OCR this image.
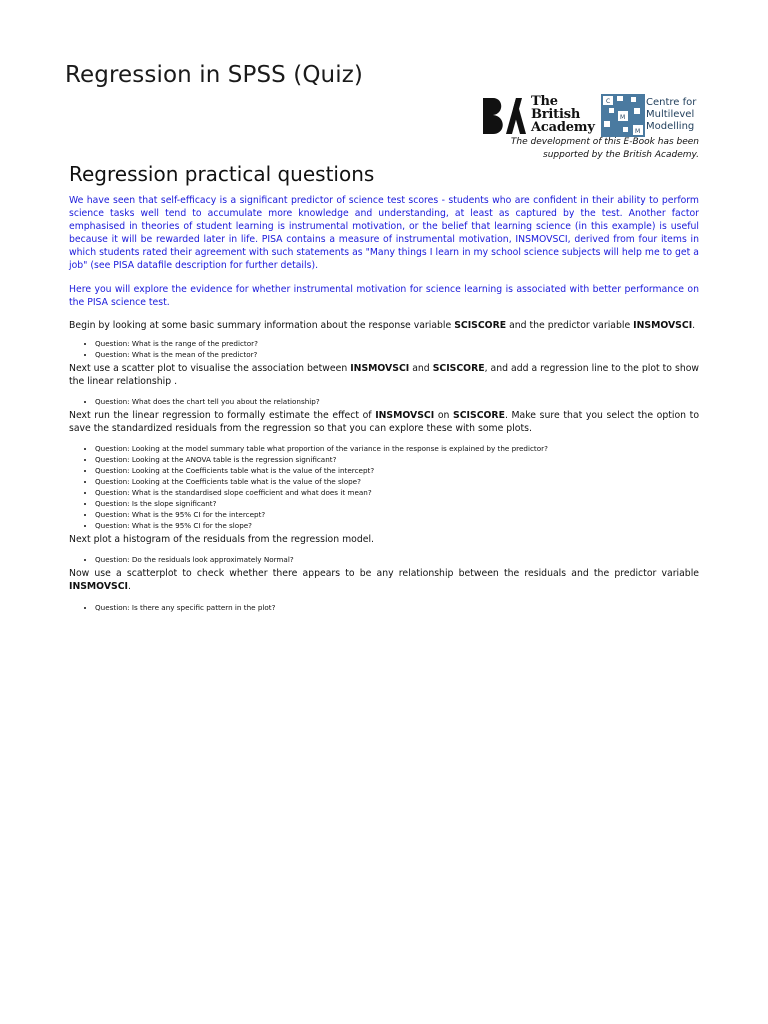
Regression in SPSS (Quiz)
The
British
Academy
C
M
M
Centre for
Multilevel
Modelling
The development of this E-Book has been
supported by the British Academy.
Regression practical questions

We have seen that self-efficacy is a significant predictor of science test scores - students who are confident in their ability to perform science tasks well tend to accumulate more knowledge and understanding, at least as captured by the test. Another factor emphasised in theories of student learning is instrumental motivation, or the belief that learning science (in this example) is useful because it will be rewarded later in life. PISA contains a measure of instrumental motivation, INSMOVSCI, derived from four items in which students rated their agreement with such statements as "Many things I learn in my school science subjects will help me to get a job" (see PISA datafile description for further details).

Here you will explore the evidence for whether instrumental motivation for science learning is associated with better performance on the PISA science test.

Begin by looking at some basic summary information about the response variable SCISCORE and the predictor variable INSMOVSCI.

• Question: What is the range of the predictor?
• Question: What is the mean of the predictor?

Next use a scatter plot to visualise the association between INSMOVSCI and SCISCORE, and add a regression line to the plot to show the linear relationship .

• Question: What does the chart tell you about the relationship?

Next run the linear regression to formally estimate the effect of INSMOVSCI on SCISCORE. Make sure that you select the option to save the standardized residuals from the regression so that you can explore these with some plots.

• Question: Looking at the model summary table what proportion of the variance in the response is explained by the predictor?
• Question: Looking at the ANOVA table is the regression significant?
• Question: Looking at the Coefficients table what is the value of the intercept?
• Question: Looking at the Coefficients table what is the value of the slope?
• Question: What is the standardised slope coefficient and what does it mean?
• Question: Is the slope significant?
• Question: What is the 95% CI for the intercept?
• Question: What is the 95% CI for the slope?

Next plot a histogram of the residuals from the regression model.

• Question: Do the residuals look approximately Normal?

Now use a scatterplot to check whether there appears to be any relationship between the residuals and the predictor variable INSMOVSCI.

• Question: Is there any specific pattern in the plot?
